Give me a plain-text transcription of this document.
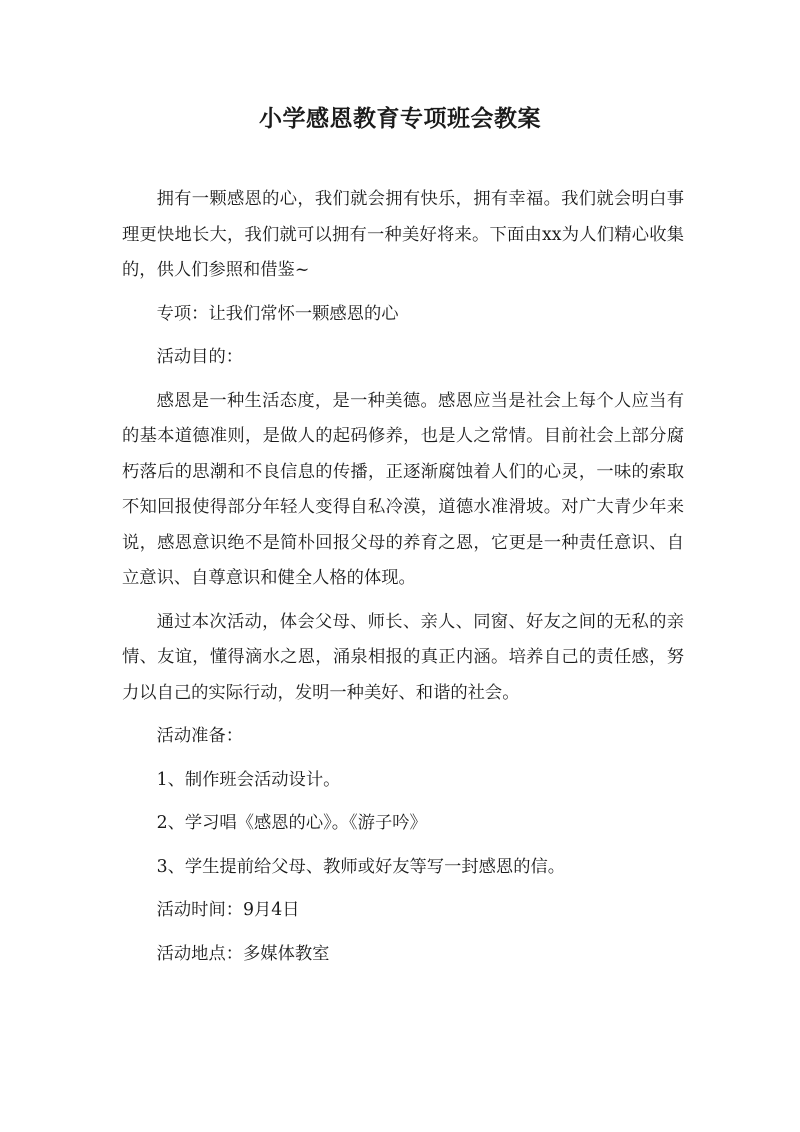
小学感恩教育专项班会教案

拥有一颗感恩的心，我们就会拥有快乐，拥有幸福。我们就会明白事理更快地长大，我们就可以拥有一种美好将来。下面由xx为人们精心收集的，供人们参照和借鉴~

专项：让我们常怀一颗感恩的心

活动目的：

感恩是一种生活态度，是一种美德。感恩应当是社会上每个人应当有的基本道德准则，是做人的起码修养，也是人之常情。目前社会上部分腐朽落后的思潮和不良信息的传播，正逐渐腐蚀着人们的心灵，一味的索取不知回报使得部分年轻人变得自私冷漠，道德水准滑坡。对广大青少年来说，感恩意识绝不是简朴回报父母的养育之恩，它更是一种责任意识、自立意识、自尊意识和健全人格的体现。

通过本次活动，体会父母、师长、亲人、同窗、好友之间的无私的亲情、友谊，懂得滴水之恩，涌泉相报的真正内涵。培养自己的责任感，努力以自己的实际行动，发明一种美好、和谐的社会。

活动准备：

1、制作班会活动设计。

2、学习唱《感恩的心》。《游子吟》

3、学生提前给父母、教师或好友等写一封感恩的信。

活动时间：9月4日

活动地点：多媒体教室
